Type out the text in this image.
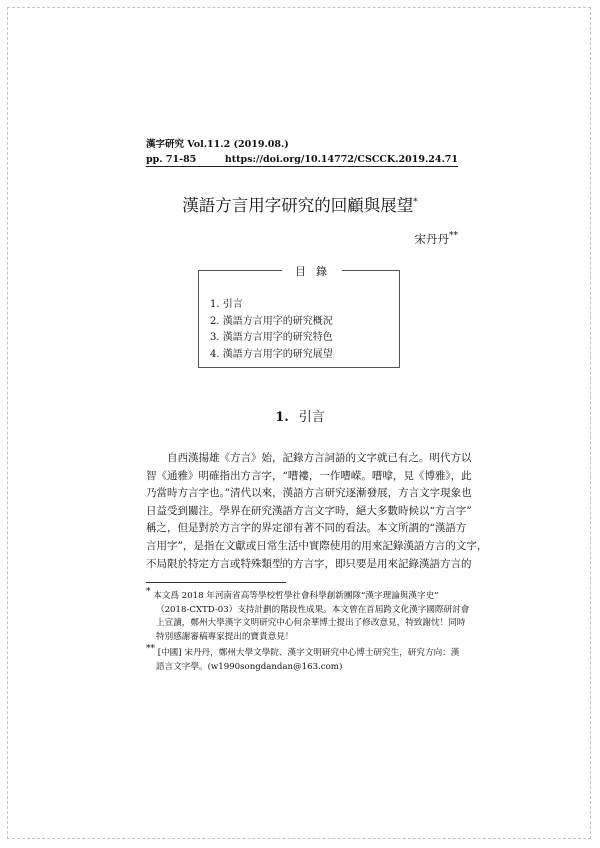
漢字研究 Vol.11.2 (2019.08.)
pp. 71-85	https://doi.org/10.14772/CSCCK.2019.24.71
漢語方言用字研究的回顧與展望*
宋丹丹**
目錄
1. 引言
2. 漢語方言用字的研究概況
3. 漢語方言用字的研究特色
4. 漢語方言用字的研究展望
1. 引言
自西漢揚雄《方言》始，記錄方言詞語的文字就已有之。明代方以
智《通雅》明確指出方言字，“嘈褸，一作嘈嵘。嘈嗱，見《博雅》，此
乃當時方言字也。”清代以來，漢語方言研究逐漸發展，方言文字現象也
日益受到關注。學界在研究漢語方言文字時，絕大多數時候以“方言字”
稱之，但是對於方言字的界定卻有著不同的看法。本文所謂的“漢語方
言用字”，是指在文獻或日常生活中實際使用的用來記錄漢語方言的文字，
不局限於特定方言或特殊類型的方言字，即只要是用來記錄漢語方言的
* 本文爲 2018 年河南省高等學校哲學社會科學創新團隊“漢字理論與漢字史”
（2018-CXTD-03）支持計劃的階段性成果。本文曾在首屆跨文化漢字國際研討會
上宣讀，鄭州大學漢字文明研究中心何余華博士提出了修改意見，特致謝忱！同時
特別感謝審稿專家提出的寶貴意見！
** [中國] 宋丹丹，鄭州大學文學院、漢字文明研究中心博士研究生，研究方向：漢
語言文字學。(w1990songdandan@163.com)
